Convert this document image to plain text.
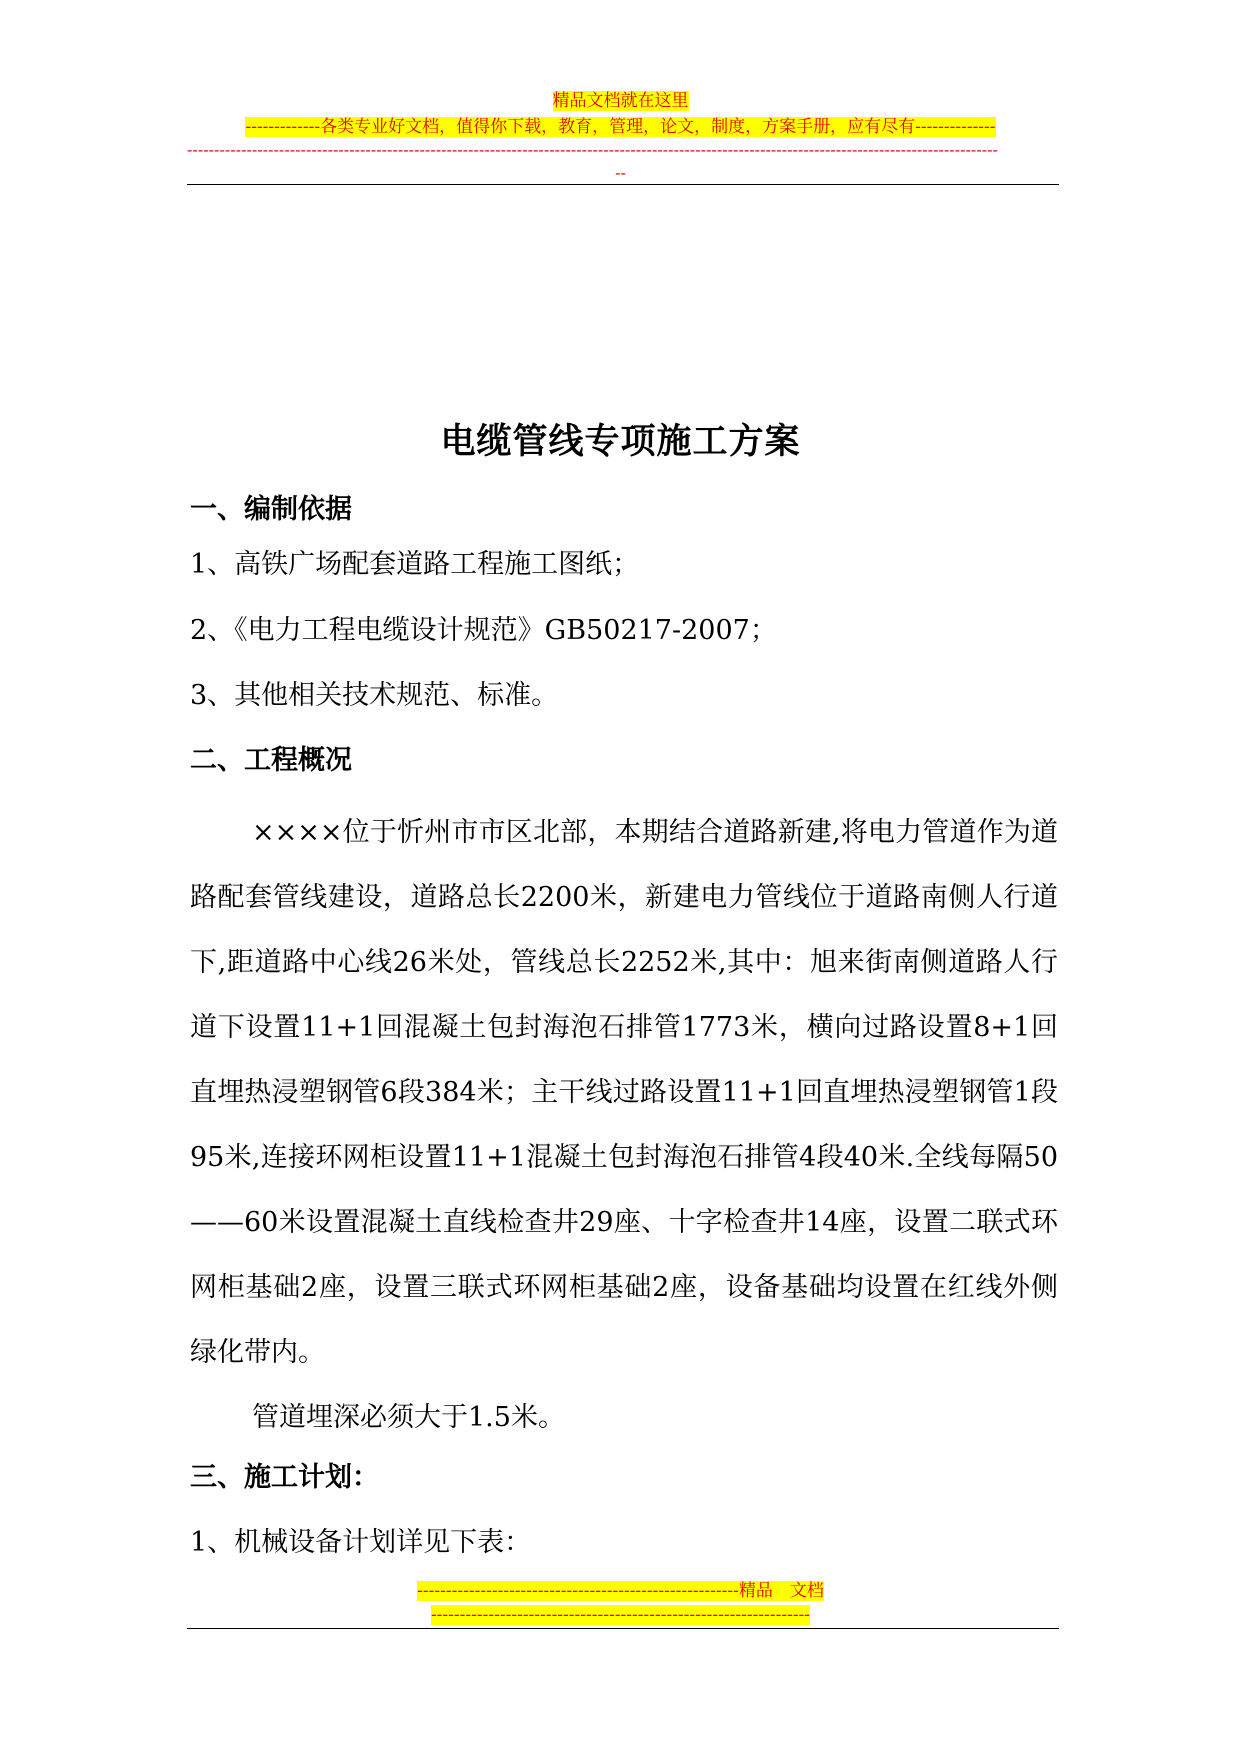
精品文档就在这里
-------------各类专业好文档，值得你下载，教育，管理，论文，制度，方案手册，应有尽有--------------
------------------------------------------------------------------------------------------------------------------------------------------------------
--
电缆管线专项施工方案
一、编制依据
1、高铁广场配套道路工程施工图纸；
2、《电力工程电缆设计规范》GB50217-2007；
3、其他相关技术规范、标准。
二、工程概况
××××位于忻州市市区北部，本期结合道路新建,将电力管道作为道路配套管线建设，道路总长2200米，新建电力管线位于道路南侧人行道下,距道路中心线26米处，管线总长2252米,其中：旭来街南侧道路人行道下设置11+1回混凝土包封海泡石排管1773米，横向过路设置8+1回直埋热浸塑钢管6段384米；主干线过路设置11+1回直埋热浸塑钢管1段95米,连接环网柜设置11+1混凝土包封海泡石排管4段40米.全线每隔50——60米设置混凝土直线检查井29座、十字检查井14座，设置二联式环网柜基础2座，设置三联式环网柜基础2座，设备基础均设置在红线外侧绿化带内。
管道埋深必须大于1.5米。
三、施工计划：
1、机械设备计划详见下表：
--------------------------------------------------------精品　文档
------------------------------------------------------------------
